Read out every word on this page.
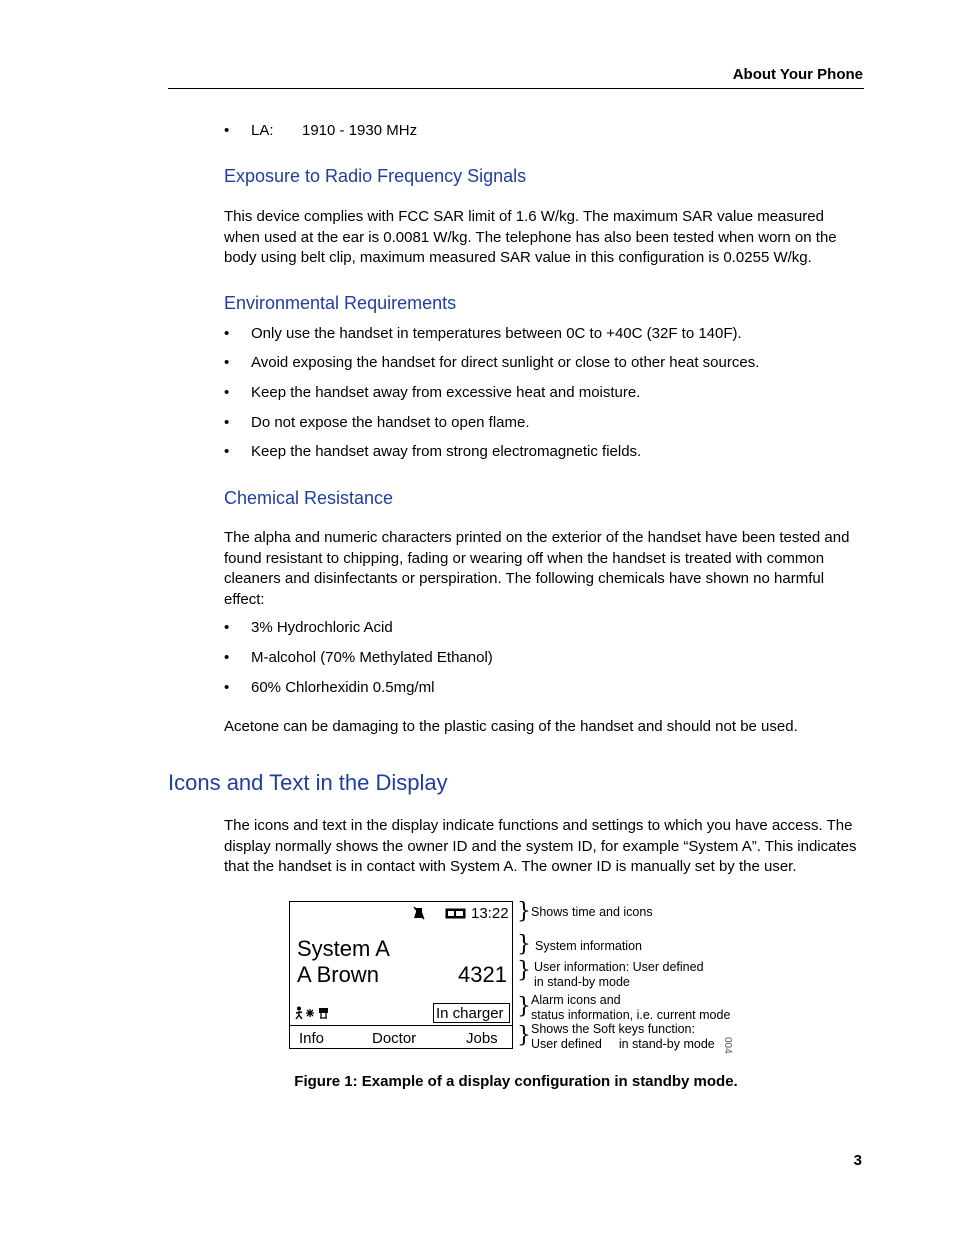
About Your Phone
• LA: 1910 - 1930 MHz
Exposure to Radio Frequency Signals
This device complies with FCC SAR limit of 1.6 W/kg. The maximum SAR value measured
when used at the ear is 0.0081 W/kg. The telephone has also been tested when worn on the
body using belt clip, maximum measured SAR value in this configuration is 0.0255 W/kg.
Environmental Requirements
• Only use the handset in temperatures between 0C to +40C (32F to 140F).
• Avoid exposing the handset for direct sunlight or close to other heat sources.
• Keep the handset away from excessive heat and moisture.
• Do not expose the handset to open flame.
• Keep the handset away from strong electromagnetic fields.
Chemical Resistance
The alpha and numeric characters printed on the exterior of the handset have been tested and
found resistant to chipping, fading or wearing off when the handset is treated with common
cleaners and disinfectants or perspiration. The following chemicals have shown no harmful
effect:
• 3% Hydrochloric Acid
• M-alcohol (70% Methylated Ethanol)
• 60% Chlorhexidin 0.5mg/ml
Acetone can be damaging to the plastic casing of the handset and should not be used.
Icons and Text in the Display
The icons and text in the display indicate functions and settings to which you have access. The
display normally shows the owner ID and the system ID, for example “System A”. This indicates
that the handset is in contact with System A. The owner ID is manually set by the user.
13:22
System A
A Brown	4321
In charger
Info	Doctor	Jobs
} Shows time and icons
} System information
} User information: User defined
in stand-by mode
} Alarm icons and
status information, i.e. current mode
} Shows the Soft keys function:
User defined in stand-by mode 004
Figure 1: Example of a display configuration in standby mode.
3
